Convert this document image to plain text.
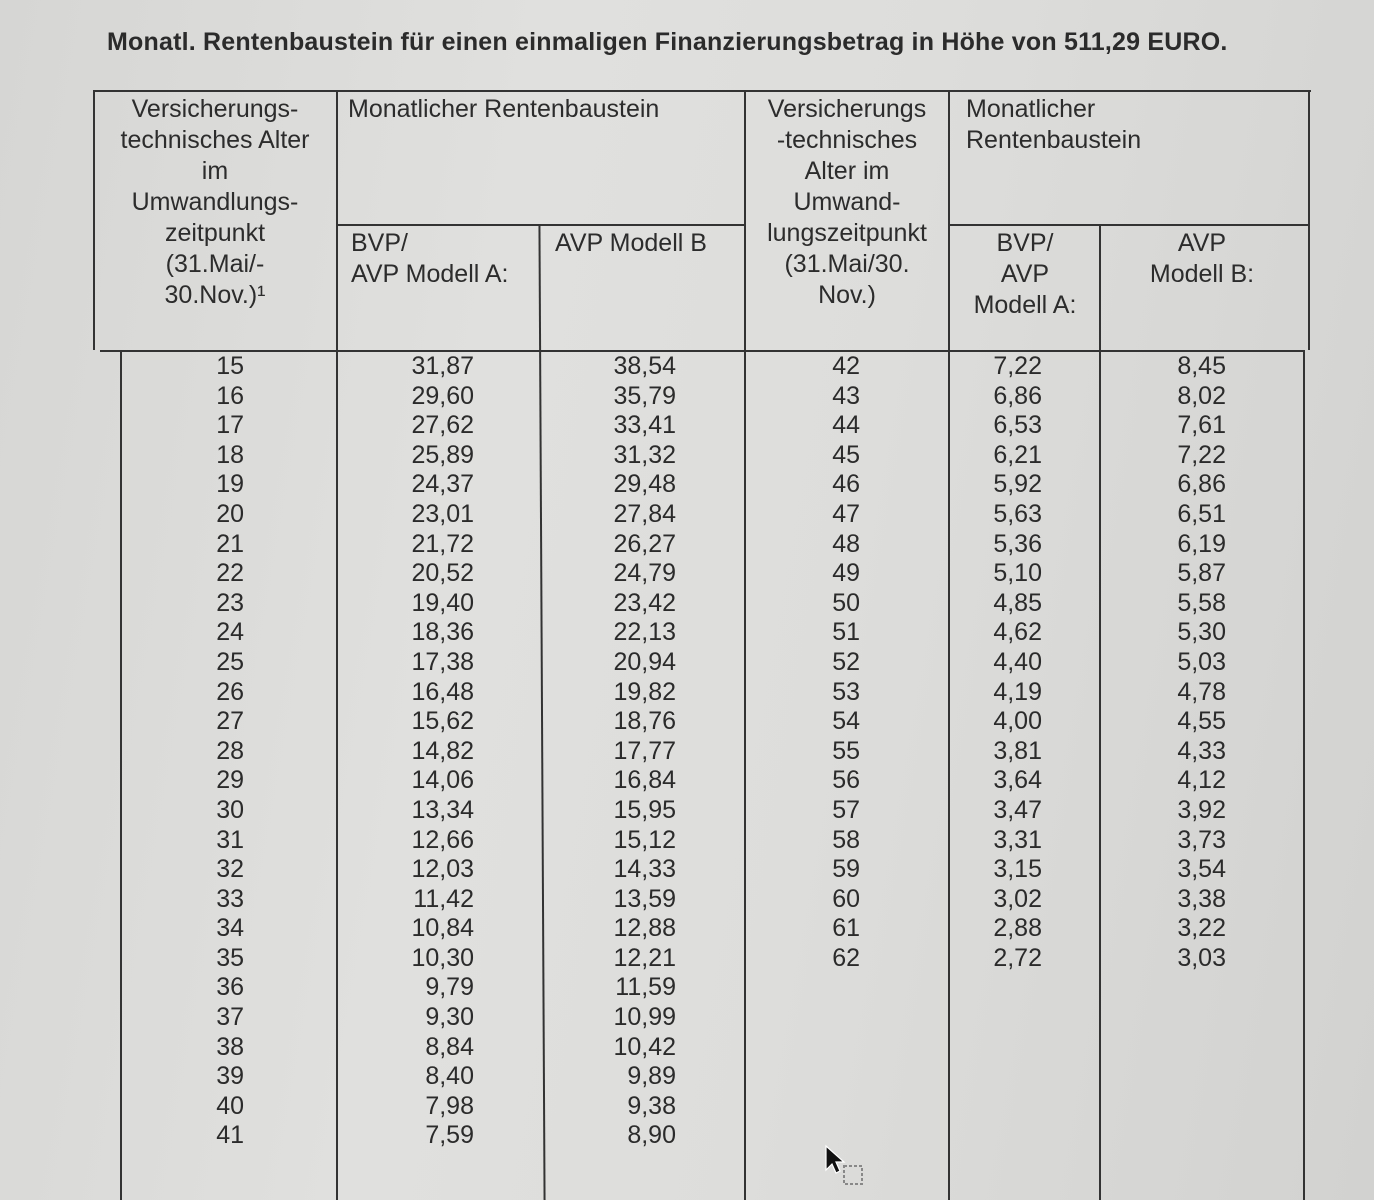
Monatl. Rentenbaustein für einen einmaligen Finanzierungsbetrag in Höhe von 511,29 EURO.
Versicherungs-
technisches Alter
im
Umwandlungs-
zeitpunkt
(31.Mai/-
30.Nov.)¹
Monatlicher Rentenbaustein
BVP/
AVP Modell A:
AVP Modell B
Versicherungs
-technisches
Alter im
Umwand-
lungszeitpunkt
(31.Mai/30.
Nov.)
Monatlicher
Rentenbaustein
BVP/
AVP
Modell A:
AVP
Modell B:
15
16
17
18
19
20
21
22
23
24
25
26
27
28
29
30
31
32
33
34
35
36
37
38
39
40
41
31,87
29,60
27,62
25,89
24,37
23,01
21,72
20,52
19,40
18,36
17,38
16,48
15,62
14,82
14,06
13,34
12,66
12,03
11,42
10,84
10,30
9,79
9,30
8,84
8,40
7,98
7,59
38,54
35,79
33,41
31,32
29,48
27,84
26,27
24,79
23,42
22,13
20,94
19,82
18,76
17,77
16,84
15,95
15,12
14,33
13,59
12,88
12,21
11,59
10,99
10,42
9,89
9,38
8,90
42
43
44
45
46
47
48
49
50
51
52
53
54
55
56
57
58
59
60
61
62
7,22
6,86
6,53
6,21
5,92
5,63
5,36
5,10
4,85
4,62
4,40
4,19
4,00
3,81
3,64
3,47
3,31
3,15
3,02
2,88
2,72
8,45
8,02
7,61
7,22
6,86
6,51
6,19
5,87
5,58
5,30
5,03
4,78
4,55
4,33
4,12
3,92
3,73
3,54
3,38
3,22
3,03
